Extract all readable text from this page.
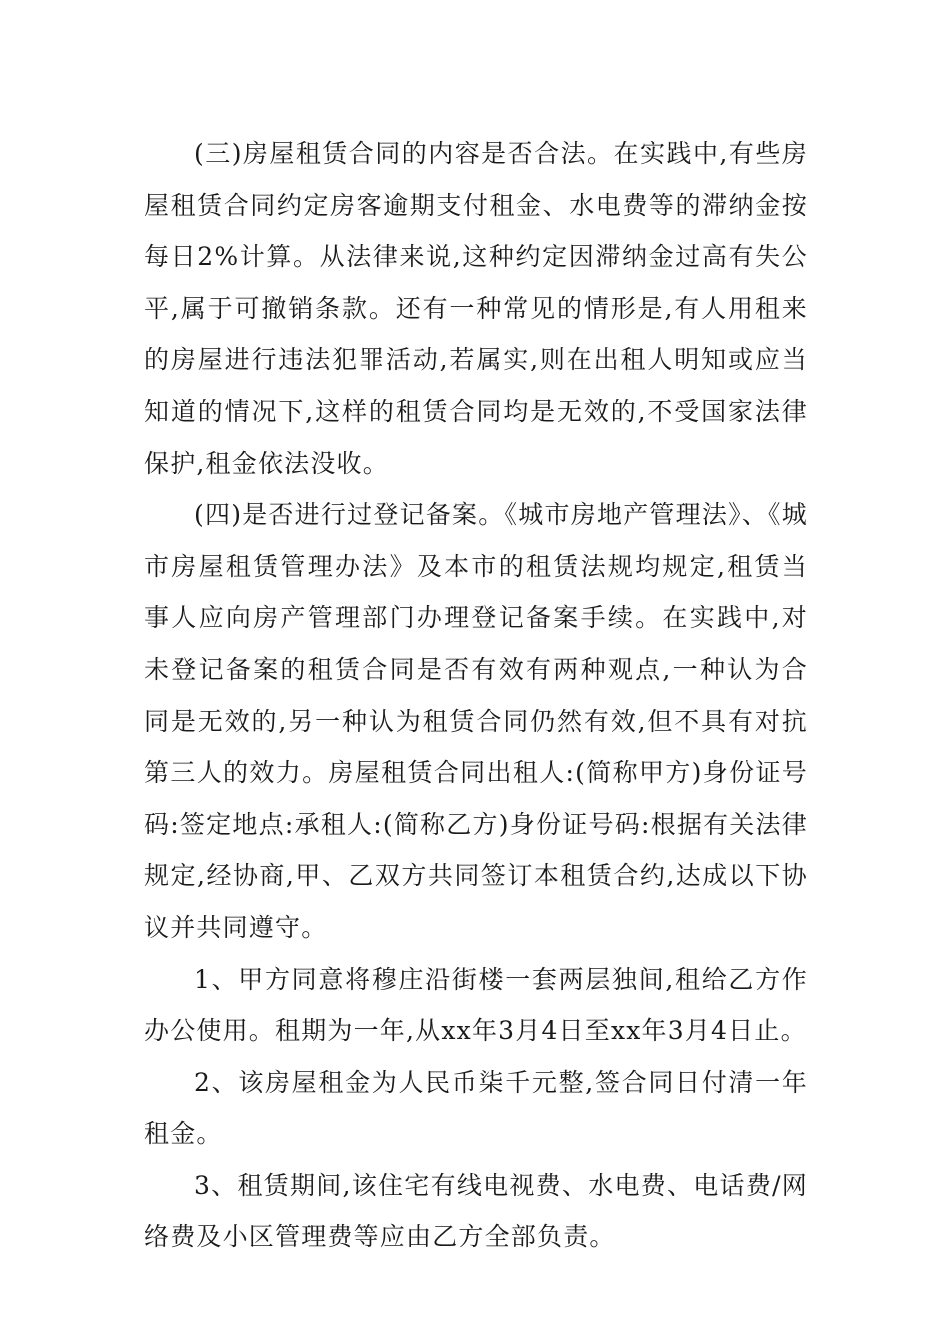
(三)房屋租赁合同的内容是否合法。在实践中,有些房屋租赁合同约定房客逾期支付租金、水电费等的滞纳金按每日2%计算。从法律来说,这种约定因滞纳金过高有失公平,属于可撤销条款。还有一种常见的情形是,有人用租来的房屋进行违法犯罪活动,若属实,则在出租人明知或应当知道的情况下,这样的租赁合同均是无效的,不受国家法律保护,租金依法没收。

(四)是否进行过登记备案。《城市房地产管理法》、《城市房屋租赁管理办法》及本市的租赁法规均规定,租赁当事人应向房产管理部门办理登记备案手续。在实践中,对未登记备案的租赁合同是否有效有两种观点,一种认为合同是无效的,另一种认为租赁合同仍然有效,但不具有对抗第三人的效力。房屋租赁合同出租人:(简称甲方)身份证号码:签定地点:承租人:(简称乙方)身份证号码:根据有关法律规定,经协商,甲、乙双方共同签订本租赁合约,达成以下协议并共同遵守。

1、甲方同意将穆庄沿街楼一套两层独间,租给乙方作办公使用。租期为一年,从xx年3月4日至xx年3月4日止。

2、该房屋租金为人民币柒千元整,签合同日付清一年租金。

3、租赁期间,该住宅有线电视费、水电费、电话费/网络费及小区管理费等应由乙方全部负责。
